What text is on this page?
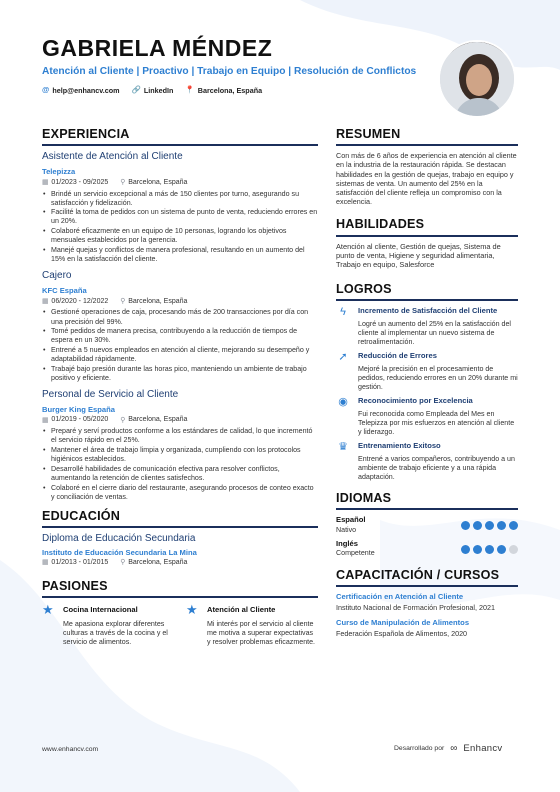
GABRIELA MÉNDEZ
Atención al Cliente | Proactivo | Trabajo en Equipo | Resolución de Conflictos
@ help@enhancv.com 🔗 LinkedIn 📍 Barcelona, España
EXPERIENCIA
Asistente de Atención al Cliente
Telepizza
▦ 01/2023 - 09/2025 ⚲ Barcelona, España
• Brindé un servicio excepcional a más de 150 clientes por turno, asegurando su satisfacción y fidelización.
• Facilité la toma de pedidos con un sistema de punto de venta, reduciendo errores en un 20%.
• Colaboré eficazmente en un equipo de 10 personas, logrando los objetivos mensuales establecidos por la gerencia.
• Manejé quejas y conflictos de manera profesional, resultando en un aumento del 15% en la satisfacción del cliente.
Cajero
KFC España
▦ 06/2020 - 12/2022 ⚲ Barcelona, España
• Gestioné operaciones de caja, procesando más de 200 transacciones por día con una precisión del 99%.
• Tomé pedidos de manera precisa, contribuyendo a la reducción de tiempos de espera en un 30%.
• Entrené a 5 nuevos empleados en atención al cliente, mejorando su desempeño y adaptabilidad rápidamente.
• Trabajé bajo presión durante las horas pico, manteniendo un ambiente de trabajo positivo y eficiente.
Personal de Servicio al Cliente
Burger King España
▦ 01/2019 - 05/2020 ⚲ Barcelona, España
• Preparé y serví productos conforme a los estándares de calidad, lo que incrementó el servicio rápido en el 25%.
• Mantener el área de trabajo limpia y organizada, cumpliendo con los protocolos higiénicos establecidos.
• Desarrollé habilidades de comunicación efectiva para resolver conflictos, aumentando la retención de clientes satisfechos.
• Colaboré en el cierre diario del restaurante, asegurando procesos de conteo exacto y conciliación de ventas.
EDUCACIÓN
Diploma de Educación Secundaria
Instituto de Educación Secundaria La Mina
▦ 01/2013 - 01/2015 ⚲ Barcelona, España
PASIONES
★	Cocina Internacional
Me apasiona explorar diferentes culturas a través de la cocina y el servicio de alimentos.
★	Atención al Cliente
Mi interés por el servicio al cliente me motiva a superar expectativas y resolver problemas eficazmente.
RESUMEN
Con más de 6 años de experiencia en atención al cliente en la industria de la restauración rápida. Se destacan habilidades en la gestión de quejas, trabajo en equipo y sistemas de venta. Un aumento del 25% en la satisfacción del cliente refleja un compromiso con la excelencia.
HABILIDADES
Atención al cliente, Gestión de quejas, Sistema de punto de venta, Higiene y seguridad alimentaria, Trabajo en equipo, Salesforce
LOGROS
ϟ	Incremento de Satisfacción del Cliente
Logré un aumento del 25% en la satisfacción del cliente al implementar un nuevo sistema de retroalimentación.
➚	Reducción de Errores
Mejoré la precisión en el procesamiento de pedidos, reduciendo errores en un 20% durante mi gestión.
◉ Reconocimiento por Excelencia
Fui reconocida como Empleada del Mes en Telepizza por mis esfuerzos en atención al cliente y liderazgo.
♛ Entrenamiento Exitoso
Entrené a varios compañeros, contribuyendo a un ambiente de trabajo eficiente y a una rápida adaptación.
IDIOMAS
Español
Nativo
Inglés
Competente
CAPACITACIÓN / CURSOS
Certificación en Atención al Cliente
Instituto Nacional de Formación Profesional, 2021
Curso de Manipulación de Alimentos
Federación Española de Alimentos, 2020
www.enhancv.com	Desarrollado por ∞ Enhancv
